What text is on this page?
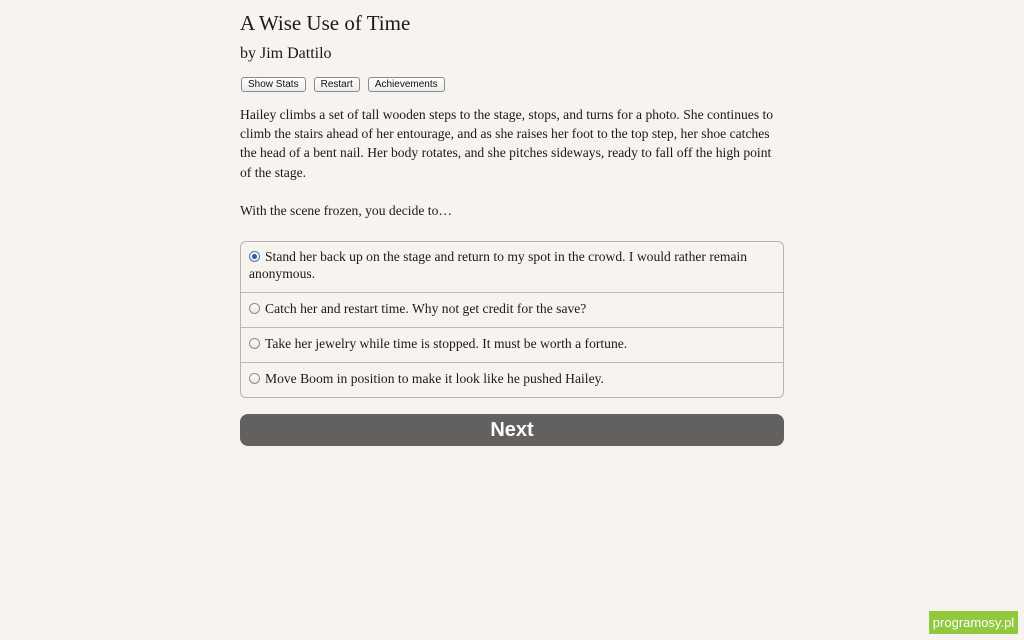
A Wise Use of Time
by Jim Dattilo
Show Stats	Restart	Achievements

Hailey climbs a set of tall wooden steps to the stage, stops, and turns for a photo. She continues to climb the stairs ahead of her entourage, and as she raises her foot to the top step, her shoe catches the head of a bent nail. Her body rotates, and she pitches sideways, ready to fall off the high point of the stage.

With the scene frozen, you decide to…
Stand her back up on the stage and return to my spot in the crowd. I would rather remain anonymous.
Catch her and restart time. Why not get credit for the save?
Take her jewelry while time is stopped. It must be worth a fortune.
Move Boom in position to make it look like he pushed Hailey.
Next
programosy.pl
